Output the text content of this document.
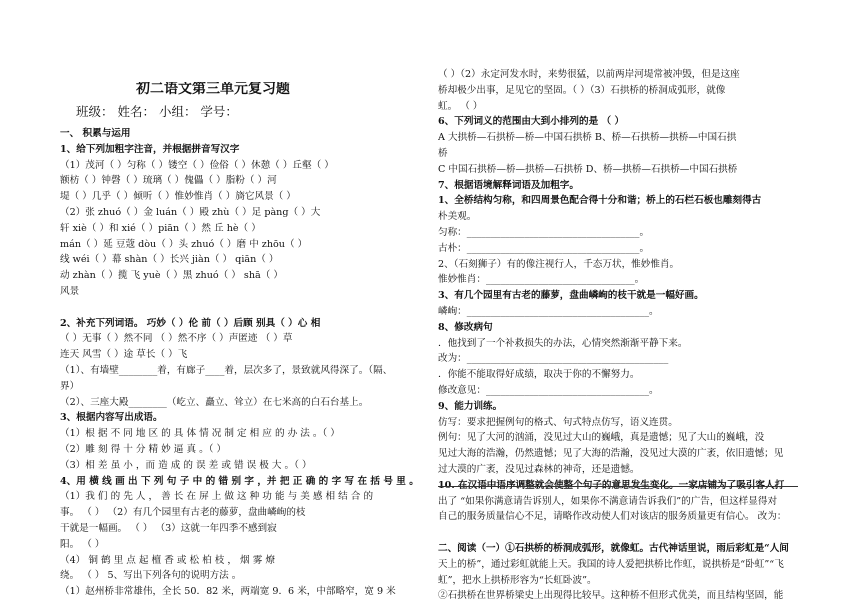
初二语文第三单元复习题
班级： 姓名： 小组： 学号：
一、 积累与运用
1、给下列加粗字注音，并根据拼音写汉字
（1）茂河（ ）匀称（ ）镂空（ ）俭俗（ ）休憩（ ）丘壑（ ）
额枋（ ）钟磬（ ）琉璃（ ）傀儡（ ）脂粉（ ）河
堤（ ）几乎（ ）倾听（ ）惟妙惟肖（ ）旖它风景（ ）
（2）张 zhuó（ ）金 luán（ ）殿 zhù（ ）足 pàng（ ）大
轩 xiè（ ）和 xié（ ）piān（ ）然 丘 hè（ ）
mán（ ）延 豆蔻 dòu（ ）头 zhuó（ ）磨 中 zhōu（ ）
线 wéi（ ）幕 shàn（ ）长兴 jiàn（ ） qiān（ ）
动 zhàn（ ）揽 飞 yuè（ ）黑 zhuó（ ） shā（ ）
风景
2、补充下列词语。 巧妙（ ）伦 前（ ）后顾 别具（ ）心 相
（ ）无事（ ）然不同 （ ）然不序（ ）声匿迹 （ ）草
连天 风雪（ ）途 草长（ ）飞
（1）、有墙壁________着，有廊子____着，层次多了，景致就风得深了。（隔、
界）
（2）、三座大殿________（屹立、矗立、耸立）在七米高的白石台基上。
3、根据内容写出成语。
（1）根 据 不 同 地 区 的 具 体 情 况 制 定 相 应 的 办 法 。（ ）
（2）雕 刻 得 十 分 精 妙 逼 真 。（ ）
（3）相 差 虽 小 ，而 造 成 的 误 差 或 错 误 极 大 。（ ）
4、用 横 线 画 出 下 列 句 子 中 的 错 别 字 ，并 把 正 确 的 字 写 在 括 号 里 。
（1）我 们 的 先 人 ， 善 长 在 屏 上 做 这 种 功 能 与 美 感 相 结 合 的
事。 （ ） （2）有几个园里有古老的藤萝，盘曲嶙峋的枝
干就是一幅画。 （ ） （3）这就一年四季不感到寂
阳。 （ ）
（4） 铜 鹤 里 点 起 檀 香 或 松 柏 枝 ， 烟 雾 燎
绕。 （ ） 5、写出下列各句的说明方法 。
（1）赵州桥非常雄伟，全长 50．82 米，两端宽 9．6 米，中部略窄，宽 9 米
（ ）（2）永定河发水时，来势很猛，以前两岸河堤常被冲毁，但是这座
桥却极少出事，足见它的坚固。（ ）（3）石拱桥的桥洞成弧形，就像
虹。 （ ）
6、下列词义的范围由大到小排列的是 （ ）
A 大拱桥—石拱桥—桥—中国石拱桥 B、桥—石拱桥—拱桥—中国石拱
桥
C 中国石拱桥—桥—拱桥—石拱桥 D、桥—拱桥—石拱桥—中国石拱桥
7、根据语境解释词语及加粗字。
1、全桥结构匀称，和四周景色配合得十分和谐；桥上的石栏石板也雕刻得古
朴美观。
匀称：____________________________________。
古朴：____________________________________。
2、（石刻狮子）有的像注视行人，千态万状，惟妙惟肖。
惟妙惟肖：_______________________________。
3、有几个园里有古老的藤萝，盘曲嶙峋的枝干就是一幅好画。
嶙峋：______________________________________。
8、修改病句
．他找到了一个补救损失的办法，心情突然渐渐平静下来。
改为：__________________________________________
．你能不能取得好成绩，取决于你的不懈努力。
修改意见：__________________________________。
9、能力训练。
仿写：要求把握例句的格式、句式特点仿写，语义连贯。
例句：见了大河的汹涌，没见过大山的巍峨，真是遗憾；见了大山的巍峨，没
见过大海的浩瀚，仍然遗憾；见了大海的浩瀚，没见过大漠的广袤，依旧遗憾；见
过大漠的广袤，没见过森林的神奇，还是遗憾。
10. 在汉语中语序调整就会使整个句子的意思发生变化。一家店铺为了吸引客人打
出了 “如果你满意请告诉别人，如果你不满意请告诉我们”的广告，但这样显得对
自己的服务质量信心不足，请略作改动使人们对该店的服务质量更有信心。 改为：
二、阅读（一）①石拱桥的桥洞成弧形，就像虹。古代神话里说，雨后彩虹是“人间
天上的桥”，通过彩虹就能上天。我国的诗人爱把拱桥比作虹，说拱桥是“卧虹”“飞
虹”，把水上拱桥形容为“长虹卧波”。
②石拱桥在世界桥梁史上出现得比较早。这种桥不但形式优美，而且结构坚固，能
